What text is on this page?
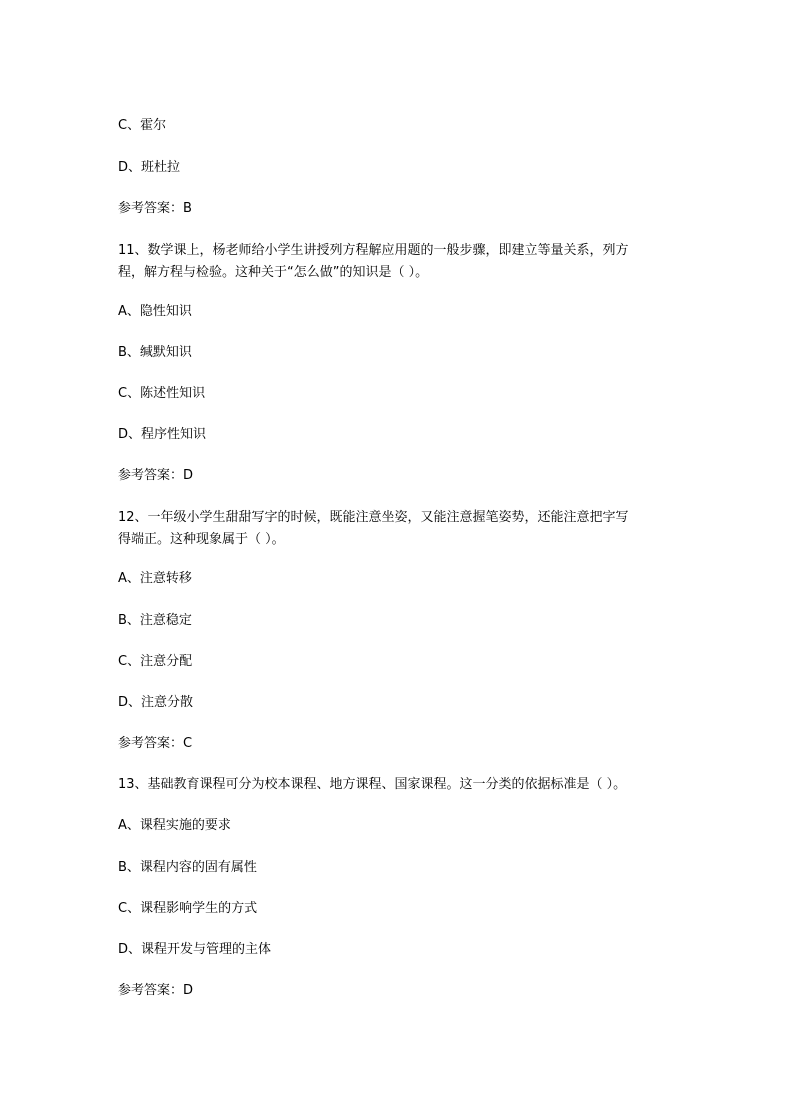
C、霍尔
D、班杜拉
参考答案：B
11、数学课上，杨老师给小学生讲授列方程解应用题的一般步骤，即建立等量关系，列方
程，解方程与检验。这种关于“怎么做”的知识是（ ）。
A、隐性知识
B、缄默知识
C、陈述性知识
D、程序性知识
参考答案：D
12、一年级小学生甜甜写字的时候，既能注意坐姿，又能注意握笔姿势，还能注意把字写
得端正。这种现象属于（ ）。
A、注意转移
B、注意稳定
C、注意分配
D、注意分散
参考答案：C
13、基础教育课程可分为校本课程、地方课程、国家课程。这一分类的依据标准是（ ）。
A、课程实施的要求
B、课程内容的固有属性
C、课程影响学生的方式
D、课程开发与管理的主体
参考答案：D
